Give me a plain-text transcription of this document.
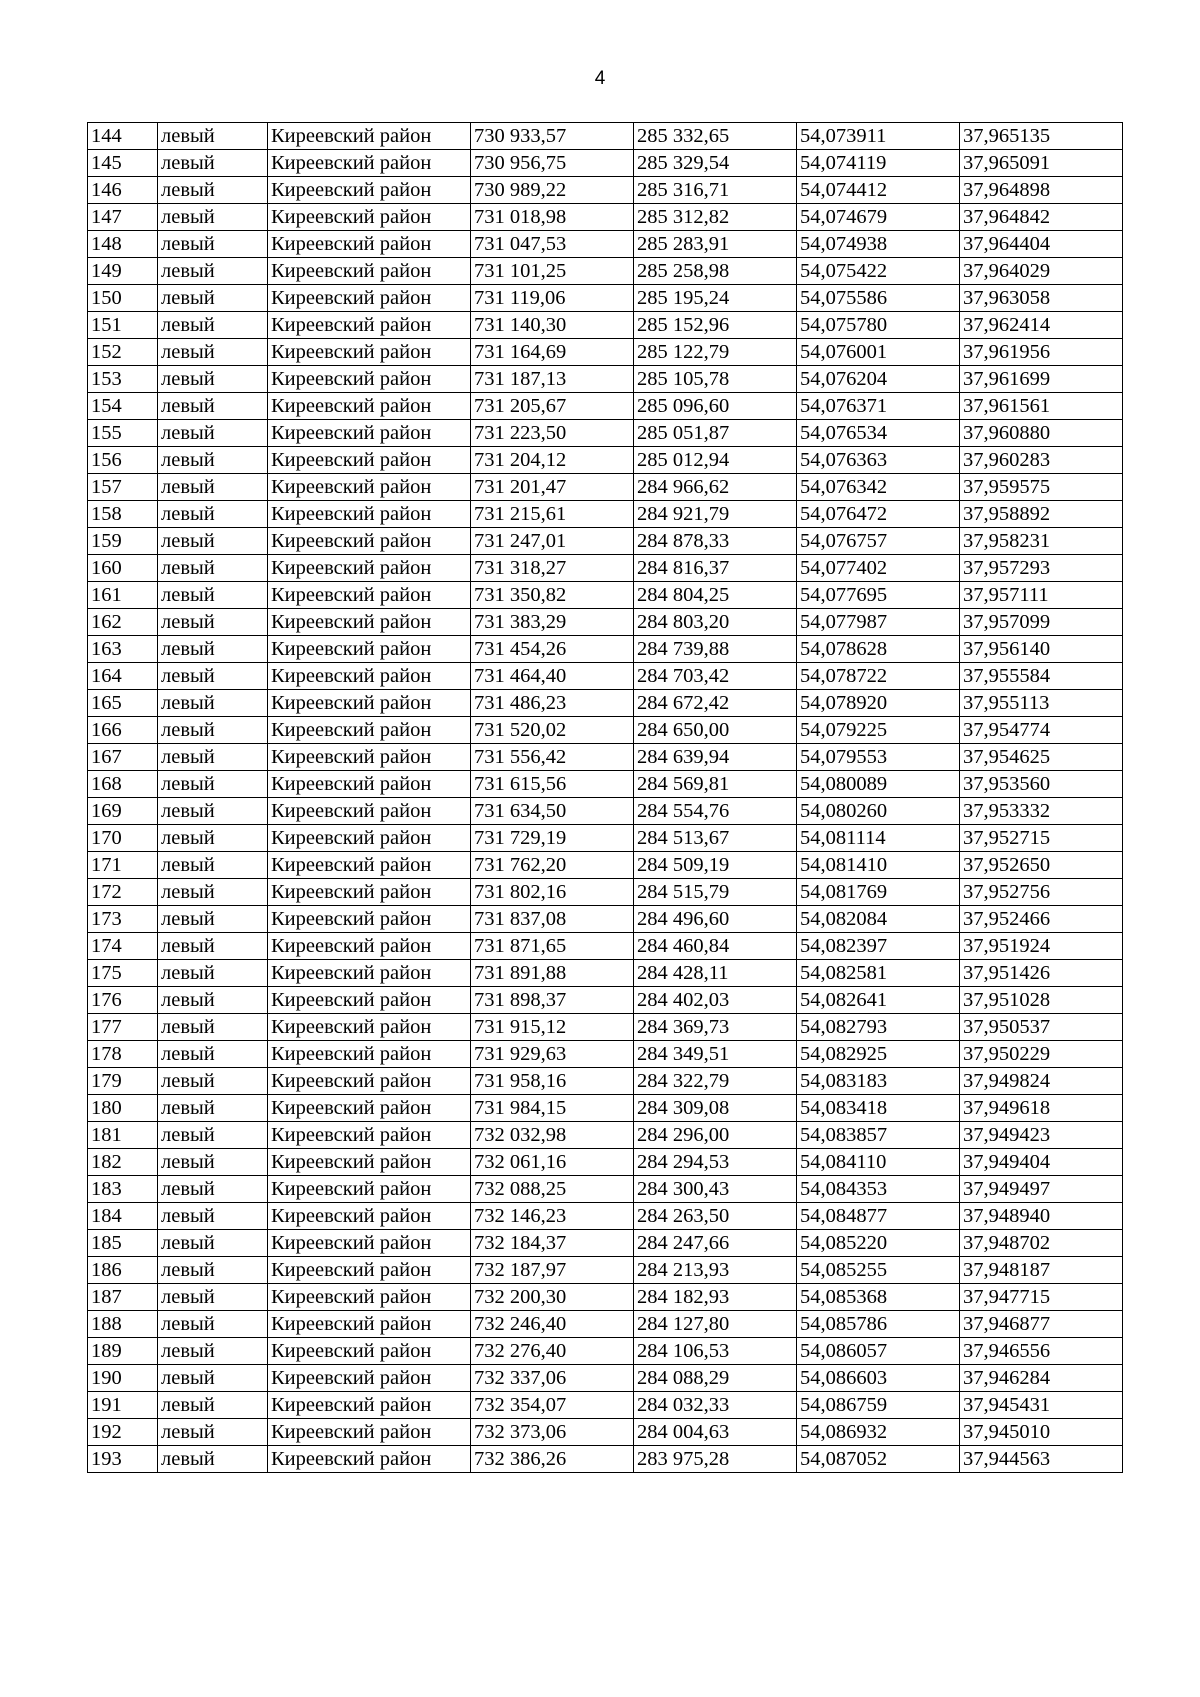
4
144	левый	Киреевский район	730 933,57	285 332,65	54,073911	37,965135
145	левый	Киреевский район	730 956,75	285 329,54	54,074119	37,965091
146	левый	Киреевский район	730 989,22	285 316,71	54,074412	37,964898
147	левый	Киреевский район	731 018,98	285 312,82	54,074679	37,964842
148	левый	Киреевский район	731 047,53	285 283,91	54,074938	37,964404
149	левый	Киреевский район	731 101,25	285 258,98	54,075422	37,964029
150	левый	Киреевский район	731 119,06	285 195,24	54,075586	37,963058
151	левый	Киреевский район	731 140,30	285 152,96	54,075780	37,962414
152	левый	Киреевский район	731 164,69	285 122,79	54,076001	37,961956
153	левый	Киреевский район	731 187,13	285 105,78	54,076204	37,961699
154	левый	Киреевский район	731 205,67	285 096,60	54,076371	37,961561
155	левый	Киреевский район	731 223,50	285 051,87	54,076534	37,960880
156	левый	Киреевский район	731 204,12	285 012,94	54,076363	37,960283
157	левый	Киреевский район	731 201,47	284 966,62	54,076342	37,959575
158	левый	Киреевский район	731 215,61	284 921,79	54,076472	37,958892
159	левый	Киреевский район	731 247,01	284 878,33	54,076757	37,958231
160	левый	Киреевский район	731 318,27	284 816,37	54,077402	37,957293
161	левый	Киреевский район	731 350,82	284 804,25	54,077695	37,957111
162	левый	Киреевский район	731 383,29	284 803,20	54,077987	37,957099
163	левый	Киреевский район	731 454,26	284 739,88	54,078628	37,956140
164	левый	Киреевский район	731 464,40	284 703,42	54,078722	37,955584
165	левый	Киреевский район	731 486,23	284 672,42	54,078920	37,955113
166	левый	Киреевский район	731 520,02	284 650,00	54,079225	37,954774
167	левый	Киреевский район	731 556,42	284 639,94	54,079553	37,954625
168	левый	Киреевский район	731 615,56	284 569,81	54,080089	37,953560
169	левый	Киреевский район	731 634,50	284 554,76	54,080260	37,953332
170	левый	Киреевский район	731 729,19	284 513,67	54,081114	37,952715
171	левый	Киреевский район	731 762,20	284 509,19	54,081410	37,952650
172	левый	Киреевский район	731 802,16	284 515,79	54,081769	37,952756
173	левый	Киреевский район	731 837,08	284 496,60	54,082084	37,952466
174	левый	Киреевский район	731 871,65	284 460,84	54,082397	37,951924
175	левый	Киреевский район	731 891,88	284 428,11	54,082581	37,951426
176	левый	Киреевский район	731 898,37	284 402,03	54,082641	37,951028
177	левый	Киреевский район	731 915,12	284 369,73	54,082793	37,950537
178	левый	Киреевский район	731 929,63	284 349,51	54,082925	37,950229
179	левый	Киреевский район	731 958,16	284 322,79	54,083183	37,949824
180	левый	Киреевский район	731 984,15	284 309,08	54,083418	37,949618
181	левый	Киреевский район	732 032,98	284 296,00	54,083857	37,949423
182	левый	Киреевский район	732 061,16	284 294,53	54,084110	37,949404
183	левый	Киреевский район	732 088,25	284 300,43	54,084353	37,949497
184	левый	Киреевский район	732 146,23	284 263,50	54,084877	37,948940
185	левый	Киреевский район	732 184,37	284 247,66	54,085220	37,948702
186	левый	Киреевский район	732 187,97	284 213,93	54,085255	37,948187
187	левый	Киреевский район	732 200,30	284 182,93	54,085368	37,947715
188	левый	Киреевский район	732 246,40	284 127,80	54,085786	37,946877
189	левый	Киреевский район	732 276,40	284 106,53	54,086057	37,946556
190	левый	Киреевский район	732 337,06	284 088,29	54,086603	37,946284
191	левый	Киреевский район	732 354,07	284 032,33	54,086759	37,945431
192	левый	Киреевский район	732 373,06	284 004,63	54,086932	37,945010
193	левый	Киреевский район	732 386,26	283 975,28	54,087052	37,944563
